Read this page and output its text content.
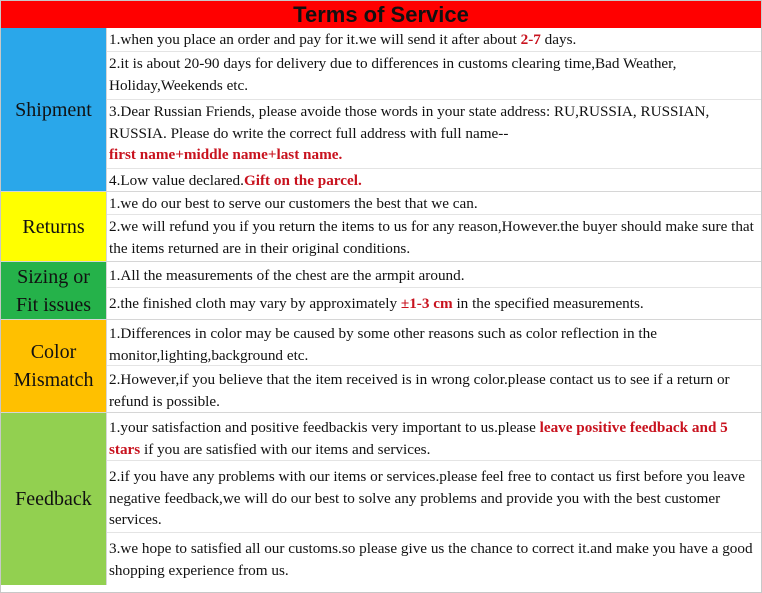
Terms of Service
Shipment
1.when you place an order and pay for it.we will send it after about 2-7 days.
2.it is about 20-90 days for delivery due to differences in customs clearing time,Bad Weather, Holiday,Weekends etc.
3.Dear Russian Friends, please avoide those words in your state address: RU,RUSSIA, RUSSIAN, RUSSIA. Please do write the correct full address with full name--
first name+middle name+last name.
4.Low value declared.Gift on the parcel.
Returns
1.we do our best to serve our customers the best that we can.
2.we will refund you if you return the items to us for any reason,However.the buyer should make sure that the items returned are in their original conditions.
Sizing or
Fit issues
1.All the measurements of the chest are the armpit around.
2.the finished cloth may vary by approximately ±1-3 cm in the specified measurements.
Color
Mismatch
1.Differences in color may be caused by some other reasons such as color reflection in the monitor,lighting,background etc.
2.However,if you believe that the item received is in wrong color.please contact us to see if a return or refund is possible.
Feedback
1.your satisfaction and positive feedbackis very important to us.please leave positive feedback and 5 stars if you are satisfied with our items and services.
2.if you have any problems with our items or services.please feel free to contact us first before you leave negative feedback,we will do our best to solve any problems and provide you with the best customer services.
3.we hope to satisfied all our customs.so please give us the chance to correct it.and make you have a good shopping experience from us.
